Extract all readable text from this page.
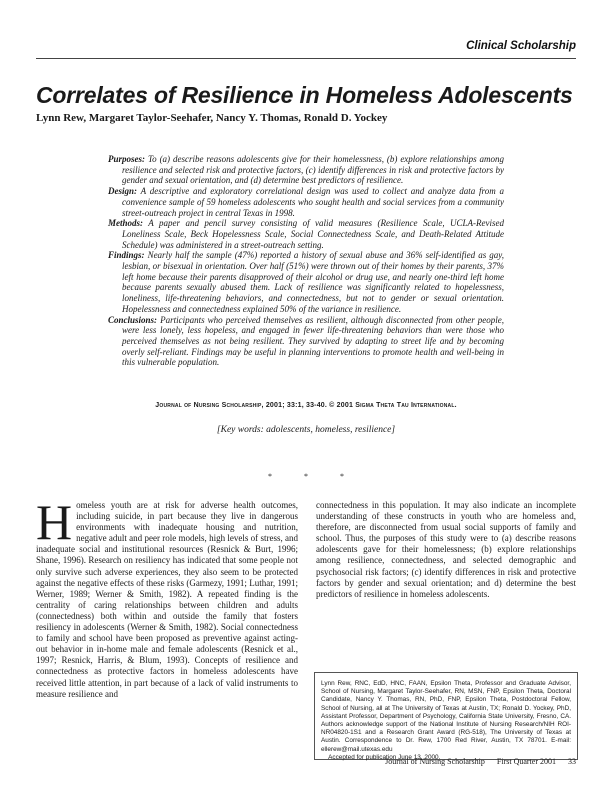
Clinical Scholarship
Correlates of Resilience in Homeless Adolescents
Lynn Rew, Margaret Taylor-Seehafer, Nancy Y. Thomas, Ronald D. Yockey

Purposes: To (a) describe reasons adolescents give for their homelessness, (b) explore relationships among resilience and selected risk and protective factors, (c) identify differences in risk and protective factors by gender and sexual orientation, and (d) determine best predictors of resilience.

Design: A descriptive and exploratory correlational design was used to collect and analyze data from a convenience sample of 59 homeless adolescents who sought health and social services from a community street-outreach project in central Texas in 1998.

Methods: A paper and pencil survey consisting of valid measures (Resilience Scale, UCLA-Revised Loneliness Scale, Beck Hopelessness Scale, Social Connectedness Scale, and Death-Related Attitude Schedule) was administered in a street-outreach setting.

Findings: Nearly half the sample (47%) reported a history of sexual abuse and 36% self-identified as gay, lesbian, or bisexual in orientation. Over half (51%) were thrown out of their homes by their parents, 37% left home because their parents disapproved of their alcohol or drug use, and nearly one-third left home because parents sexually abused them. Lack of resilience was significantly related to hopelessness, loneliness, life-threatening behaviors, and connectedness, but not to gender or sexual orientation. Hopelessness and connectedness explained 50% of the variance in resilience.

Conclusions: Participants who perceived themselves as resilient, although disconnected from other people, were less lonely, less hopeless, and engaged in fewer life-threatening behaviors than were those who perceived themselves as not being resilient. They survived by adapting to street life and by becoming overly self-reliant. Findings may be useful in planning interventions to promote health and well-being in this vulnerable population.

Journal of Nursing Scholarship, 2001; 33:1, 33-40. © 2001 Sigma Theta Tau International.
[Key words: adolescents, homeless, resilience]
* * *
H omeless youth are at risk for adverse health outcomes, including suicide, in part because they live in dangerous environments with inadequate housing and nutrition, negative adult and peer role models, high levels of stress, and inadequate social and institutional resources (Resnick & Burt, 1996; Shane, 1996). Research on resiliency has indicated that some people not only survive such adverse experiences, they also seem to be protected against the negative effects of these risks (Garmezy, 1991; Luthar, 1991; Werner, 1989; Werner & Smith, 1982). A repeated finding is the centrality of caring relationships between children and adults (connectedness) both within and outside the family that fosters resiliency in adolescents (Werner & Smith, 1982). Social connectedness to family and school have been proposed as preventive against acting-out behavior in in-home male and female adolescents (Resnick et al., 1997; Resnick, Harris, & Blum, 1993). Concepts of resilience and connectedness as protective factors in homeless adolescents have received little attention, in part because of a lack of valid instruments to measure resilience and

connectedness in this population. It may also indicate an incomplete understanding of these constructs in youth who are homeless and, therefore, are disconnected from usual social supports of family and school. Thus, the purposes of this study were to (a) describe reasons adolescents gave for their homelessness; (b) explore relationships among resilience, connectedness, and selected demographic and psychosocial risk factors; (c) identify differences in risk and protective factors by gender and sexual orientation; and d) determine the best predictors of resilience in homeless adolescents.

Lynn Rew, RNC, EdD, HNC, FAAN, Epsilon Theta, Professor and Graduate Advisor, School of Nursing, Margaret Taylor-Seehafer, RN, MSN, FNP, Epsilon Theta, Doctoral Candidate, Nancy Y. Thomas, RN, PhD, FNP, Epsilon Theta, Postdoctoral Fellow, School of Nursing, all at The University of Texas at Austin, TX; Ronald D. Yockey, PhD, Assistant Professor, Department of Psychology, California State University, Fresno, CA. Authors acknowledge support of the National Institute of Nursing Research/NIH ROI-NR04820-1S1 and a Research Grant Award (RG-518), The University of Texas at Austin. Correspondence to Dr. Rew, 1700 Red River, Austin, TX 78701. E-mail: ellerew@mail.utexas.edu
Accepted for publication June 13, 2000.

Journal of Nursing Scholarship First Quarter 2001 33
